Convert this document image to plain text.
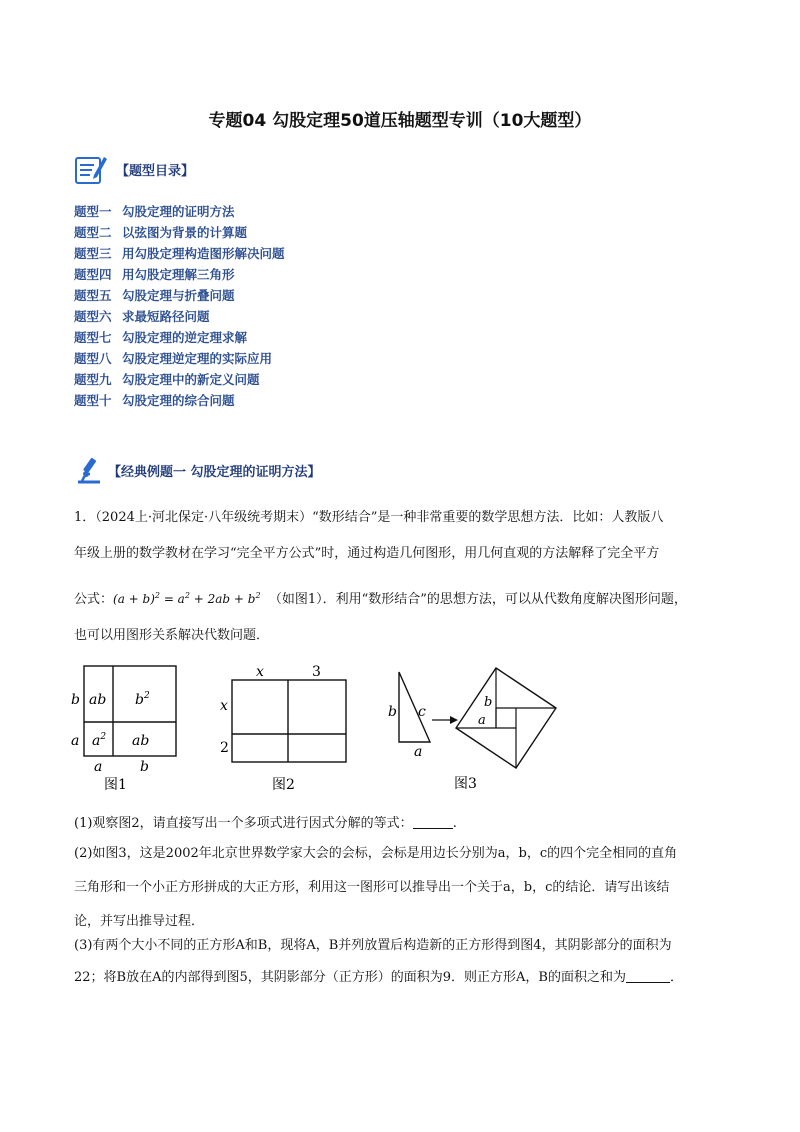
专题04 勾股定理50道压轴题型专训（10大题型）
【题型目录】
题型一 勾股定理的证明方法
题型二 以弦图为背景的计算题
题型三 用勾股定理构造图形解决问题
题型四 用勾股定理解三角形
题型五 勾股定理与折叠问题
题型六 求最短路径问题
题型七 勾股定理的逆定理求解
题型八 勾股定理逆定理的实际应用
题型九 勾股定理中的新定义问题
题型十 勾股定理的综合问题
【经典例题一 勾股定理的证明方法】
1．（2024上·河北保定·八年级统考期末）“数形结合”是一种非常重要的数学思想方法．比如：人教版八
年级上册的数学教材在学习“完全平方公式”时，通过构造几何图形，用几何直观的方法解释了完全平方
公式：$(a + b)^2 = a^2 + 2ab + b^2$ （如图1）．利用“数形结合”的思想方法，可以从代数角度解决图形问题，
也可以用图形关系解决代数问题．
b
a
ab $b^2$
$a^2$ ab
a	b
图1
x	3
x
2
图2
b c
a
b
a
图3
(1)观察图2，请直接写出一个多项式进行因式分解的等式：	.
(2)如图3，这是2002年北京世界数学家大会的会标，会标是用边长分别为a，b，c的四个完全相同的直角
三角形和一个小正方形拼成的大正方形，利用这一图形可以推导出一个关于a，b，c的结论．请写出该结
论，并写出推导过程．
(3)有两个大小不同的正方形A和B，现将A，B并列放置后构造新的正方形得到图4，其阴影部分的面积为
22；将B放在A的内部得到图5，其阴影部分（正方形）的面积为9．则正方形A，B的面积之和为	．
